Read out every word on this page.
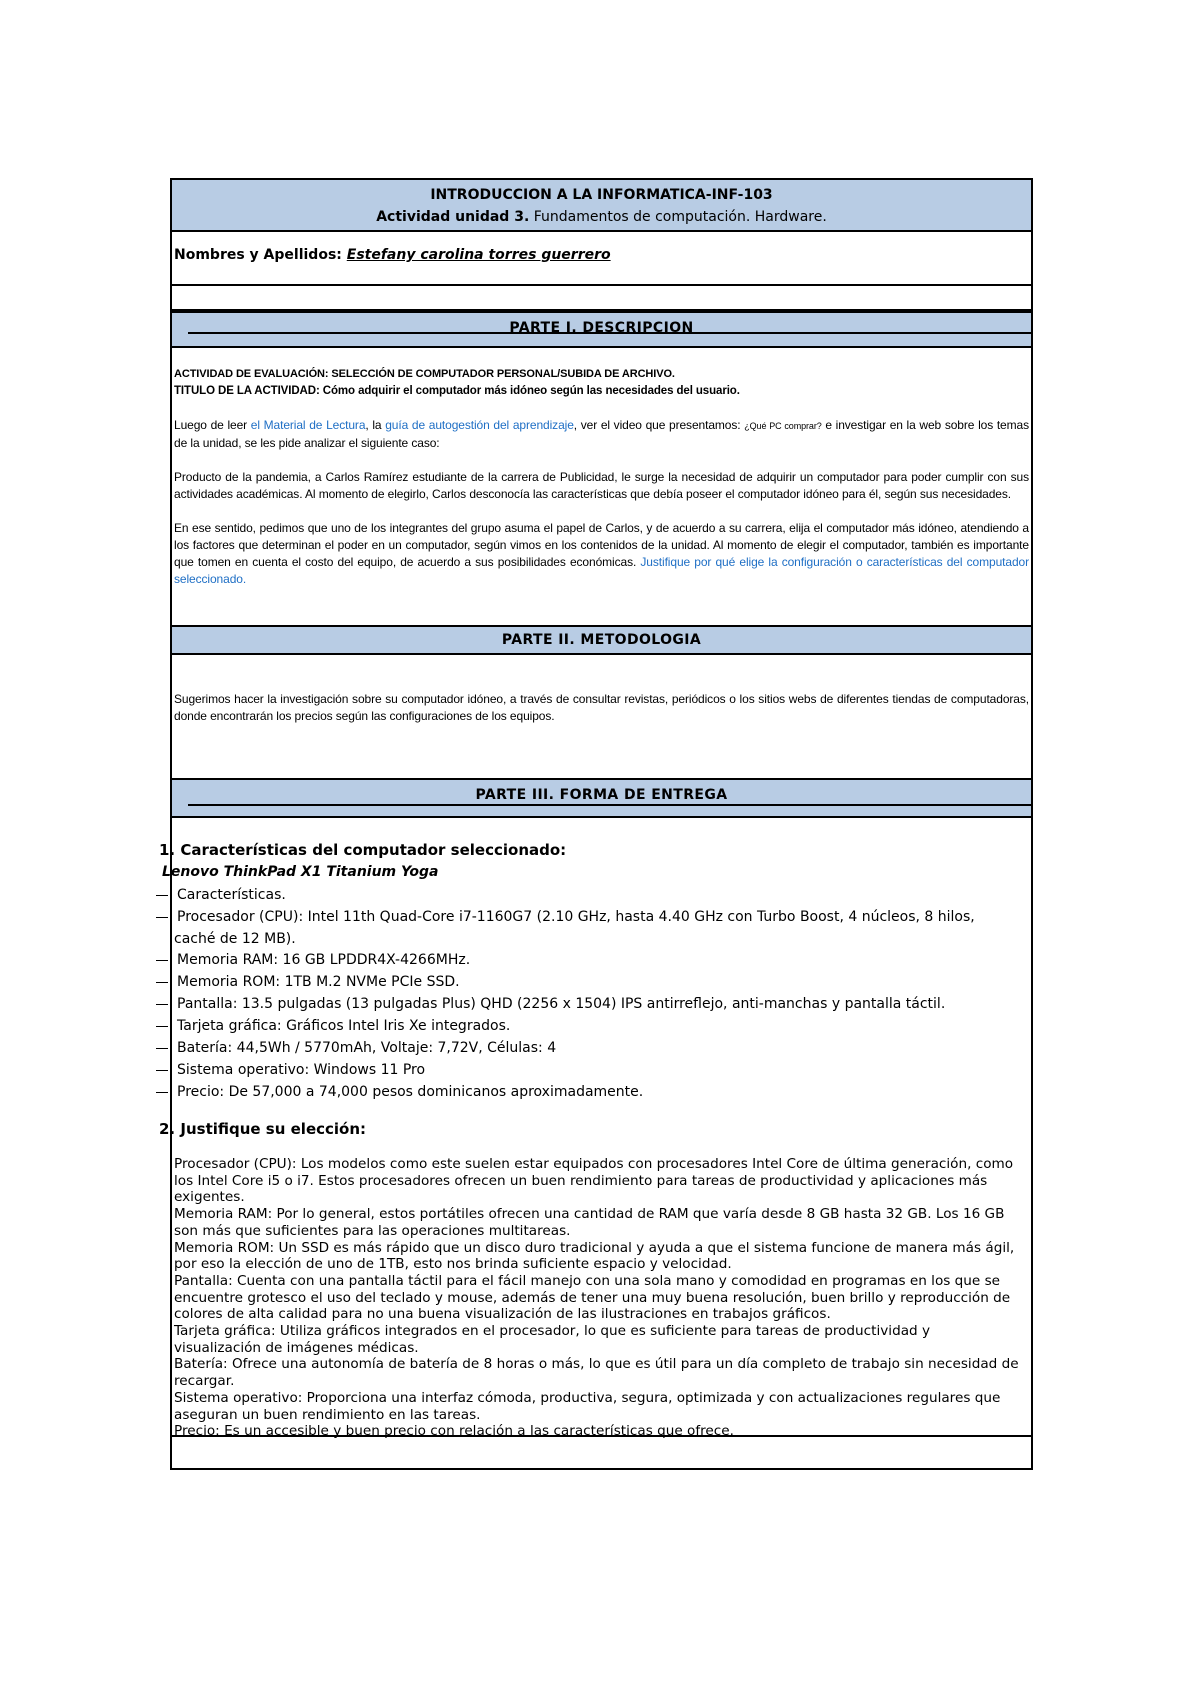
INTRODUCCION A LA INFORMATICA-INF-103
Actividad unidad 3. Fundamentos de computación. Hardware.
Nombres y Apellidos: Estefany carolina torres guerrero
PARTE I. DESCRIPCION

ACTIVIDAD DE EVALUACIÓN: SELECCIÓN DE COMPUTADOR PERSONAL/SUBIDA DE ARCHIVO.

TITULO DE LA ACTIVIDAD: Cómo adquirir el computador más idóneo según las necesidades del usuario.

Luego de leer el Material de Lectura, la guía de autogestión del aprendizaje, ver el video que presentamos: ¿Qué PC comprar? e investigar en la web sobre los temas de la unidad, se les pide analizar el siguiente caso:

Producto de la pandemia, a Carlos Ramírez estudiante de la carrera de Publicidad, le surge la necesidad de adquirir un computador para poder cumplir con sus actividades académicas. Al momento de elegirlo, Carlos desconocía las características que debía poseer el computador idóneo para él, según sus necesidades.

En ese sentido, pedimos que uno de los integrantes del grupo asuma el papel de Carlos, y de acuerdo a su carrera, elija el computador más idóneo, atendiendo a los factores que determinan el poder en un computador, según vimos en los contenidos de la unidad. Al momento de elegir el computador, también es importante que tomen en cuenta el costo del equipo, de acuerdo a sus posibilidades económicas. Justifique por qué elige la configuración o características del computador seleccionado.

PARTE II. METODOLOGIA

Sugerimos hacer la investigación sobre su computador idóneo, a través de consultar revistas, periódicos o los sitios webs de diferentes tiendas de computadoras, donde encontrarán los precios según las configuraciones de los equipos.

PARTE III. FORMA DE ENTREGA
1. Características del computador seleccionado:
Lenovo ThinkPad X1 Titanium Yoga
Características.
Procesador (CPU): Intel 11th Quad-Core i7-1160G7 (2.10 GHz, hasta 4.40 GHz con Turbo Boost, 4 núcleos, 8 hilos,
caché de 12 MB).
Memoria RAM: 16 GB LPDDR4X-4266MHz.
Memoria ROM: 1TB M.2 NVMe PCIe SSD.
Pantalla: 13.5 pulgadas (13 pulgadas Plus) QHD (2256 x 1504) IPS antirreflejo, anti-manchas y pantalla táctil.
Tarjeta gráfica: Gráficos Intel Iris Xe integrados.
Batería: 44,5Wh / 5770mAh, Voltaje: 7,72V, Células: 4
Sistema operativo: Windows 11 Pro
Precio: De 57,000 a 74,000 pesos dominicanos aproximadamente.
2. Justifique su elección:

Procesador (CPU): Los modelos como este suelen estar equipados con procesadores Intel Core de última generación, como los Intel Core i5 o i7. Estos procesadores ofrecen un buen rendimiento para tareas de productividad y aplicaciones más exigentes.

Memoria RAM: Por lo general, estos portátiles ofrecen una cantidad de RAM que varía desde 8 GB hasta 32 GB. Los 16 GB son más que suficientes para las operaciones multitareas.

Memoria ROM: Un SSD es más rápido que un disco duro tradicional y ayuda a que el sistema funcione de manera más ágil, por eso la elección de uno de 1TB, esto nos brinda suficiente espacio y velocidad.

Pantalla: Cuenta con una pantalla táctil para el fácil manejo con una sola mano y comodidad en programas en los que se encuentre grotesco el uso del teclado y mouse, además de tener una muy buena resolución, buen brillo y reproducción de colores de alta calidad para no una buena visualización de las ilustraciones en trabajos gráficos.

Tarjeta gráfica: Utiliza gráficos integrados en el procesador, lo que es suficiente para tareas de productividad y visualización de imágenes médicas.

Batería: Ofrece una autonomía de batería de 8 horas o más, lo que es útil para un día completo de trabajo sin necesidad de recargar.

Sistema operativo: Proporciona una interfaz cómoda, productiva, segura, optimizada y con actualizaciones regulares que aseguran un buen rendimiento en las tareas.

Precio: Es un accesible y buen precio con relación a las características que ofrece.
